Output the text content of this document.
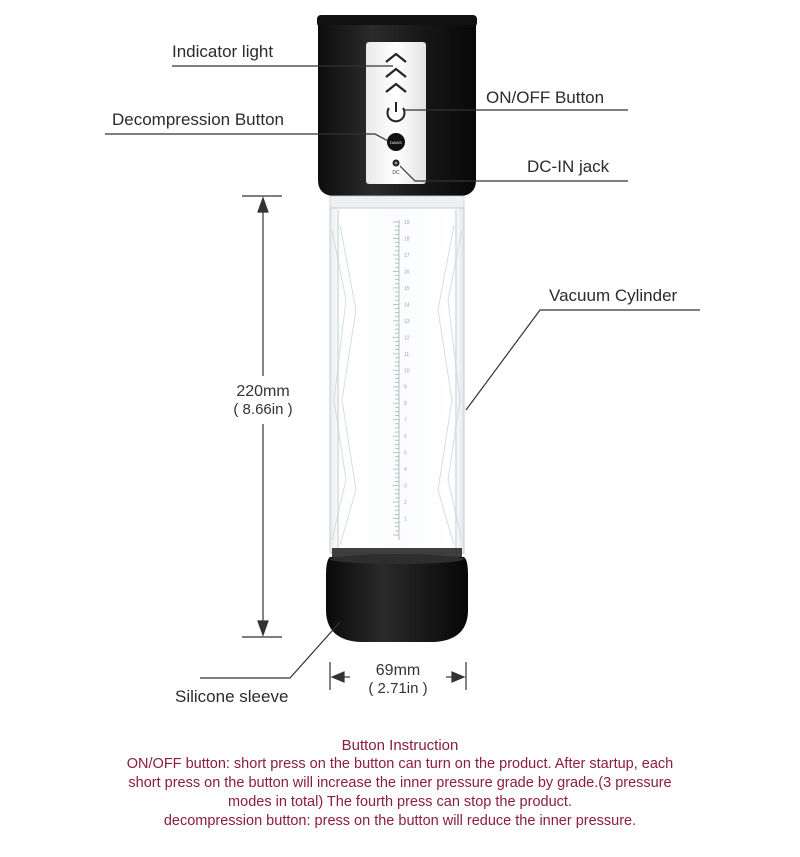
DAVIS
DC
1
2
3
4
5
6
7
8
9
10
11
12
13
14
15
16
17
18
19
Indicator light
Decompression Button
ON/OFF Button
DC-IN jack
Vacuum Cylinder
Silicone sleeve
220mm
( 8.66in )
69mm
( 2.71in )
Button Instruction
ON/OFF button: short press on the button can turn on the product. After startup, each
short press on the button will increase the inner pressure grade by grade.(3 pressure
modes in total) The fourth press can stop the product.
decompression button: press on the button will reduce the inner pressure.
